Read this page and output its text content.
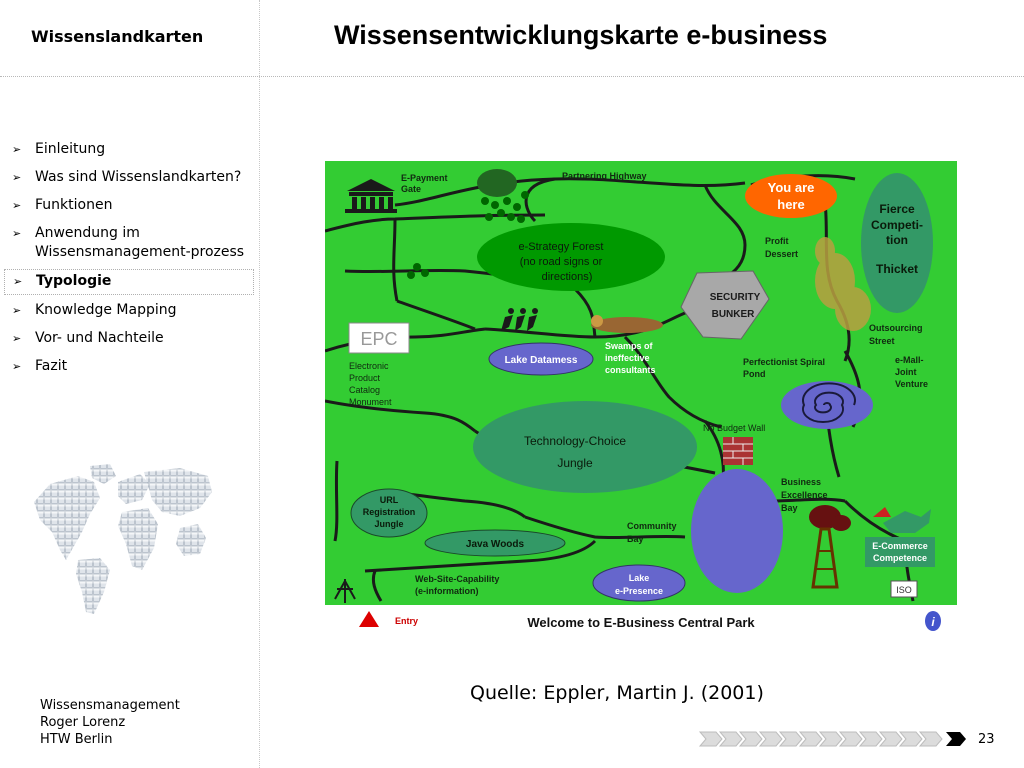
Wissenslandkarten	Wissensentwicklungskarte e-business
➢ Einleitung
➢ Was sind Wissenslandkarten?
➢ Funktionen
➢ Anwendung im Wissensmanagement-prozess
➢ Typologie
➢ Knowledge Mapping
➢ Vor- und Nachteile
➢ Fazit
E-Payment
Gate
Partnering Highway
You are
here	Fierce
Competi-
tion
Thicket
e-Strategy Forest
(no road signs or
directions)
Profit
Dessert
SECURITY
BUNKER
EPC
Electronic
Product
Catalog
Monument
Lake Datamess
Swamps of
ineffective
consultants
Perfectionist Spiral
Pond
Outsourcing
Street
e-Mall-
Joint
Venture
Technology-Choice
Jungle
No Budget Wall
Business
Excellence
Bay
URL
Registration
Jungle
Java Woods
Community
Bay
E-Commerce
Competence
ISO
Web-Site-Capability
(e-information)
Lake
e-Presence
Entry	Welcome to E-Business Central Park	i
Quelle: Eppler, Martin J. (2001)
Wissensmanagement
Roger Lorenz
HTW Berlin	23
